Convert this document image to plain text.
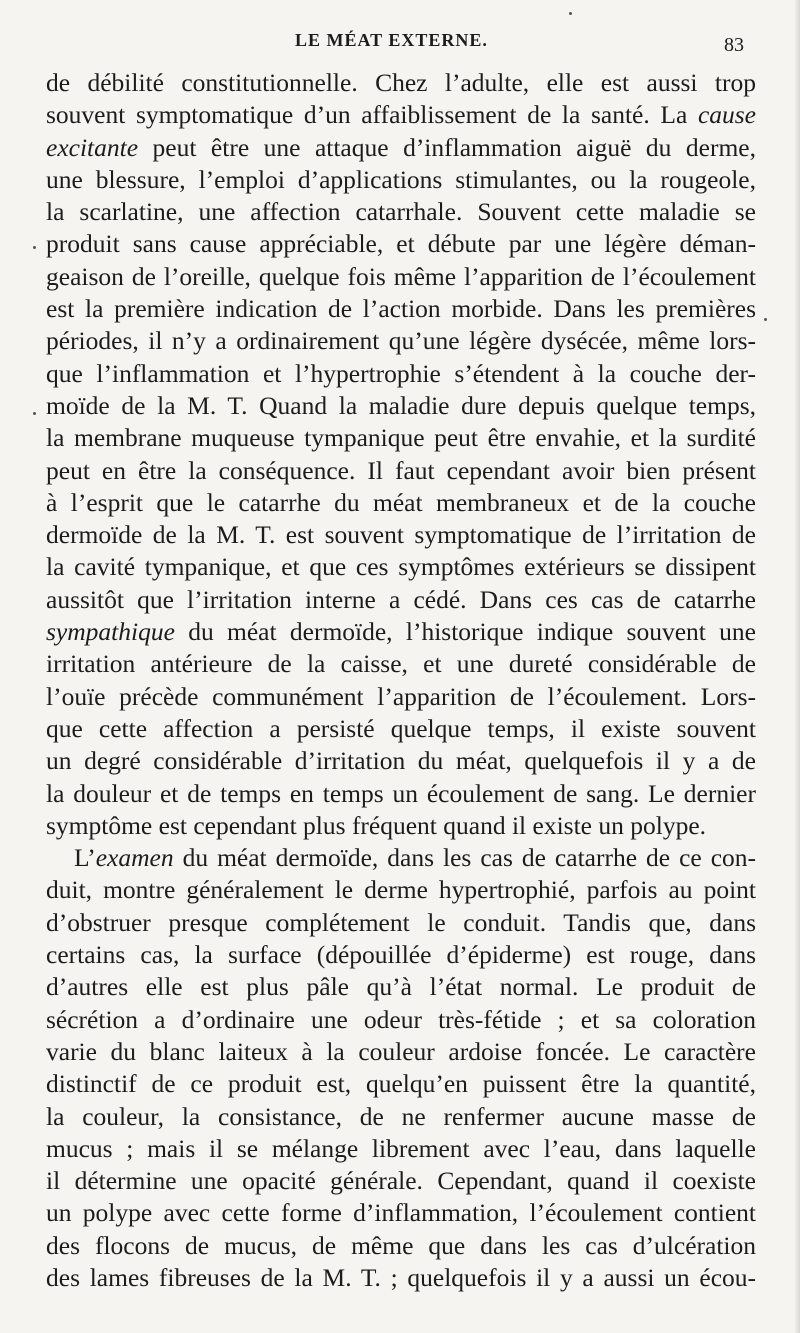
LE MÉAT EXTERNE.	83
de débilité constitutionnelle. Chez l’adulte, elle est aussi trop
souvent symptomatique d’un affaiblissement de la santé. La cause
excitante peut être une attaque d’inflammation aiguë du derme,
une blessure, l’emploi d’applications stimulantes, ou la rougeole,
la scarlatine, une affection catarrhale. Souvent cette maladie se
produit sans cause appréciable, et débute par une légère déman-
geaison de l’oreille, quelque fois même l’apparition de l’écoulement
est la première indication de l’action morbide. Dans les premières
périodes, il n’y a ordinairement qu’une légère dysécée, même lors-
que l’inflammation et l’hypertrophie s’étendent à la couche der-
moïde de la M. T. Quand la maladie dure depuis quelque temps,
la membrane muqueuse tympanique peut être envahie, et la surdité
peut en être la conséquence. Il faut cependant avoir bien présent
à l’esprit que le catarrhe du méat membraneux et de la couche
dermoïde de la M. T. est souvent symptomatique de l’irritation de
la cavité tympanique, et que ces symptômes extérieurs se dissipent
aussitôt que l’irritation interne a cédé. Dans ces cas de catarrhe
sympathique du méat dermoïde, l’historique indique souvent une
irritation antérieure de la caisse, et une dureté considérable de
l’ouïe précède communément l’apparition de l’écoulement. Lors-
que cette affection a persisté quelque temps, il existe souvent
un degré considérable d’irritation du méat, quelquefois il y a de
la douleur et de temps en temps un écoulement de sang. Le dernier
symptôme est cependant plus fréquent quand il existe un polype.
L’examen du méat dermoïde, dans les cas de catarrhe de ce con-
duit, montre généralement le derme hypertrophié, parfois au point
d’obstruer presque complétement le conduit. Tandis que, dans
certains cas, la surface (dépouillée d’épiderme) est rouge, dans
d’autres elle est plus pâle qu’à l’état normal. Le produit de
sécrétion a d’ordinaire une odeur très-fétide ; et sa coloration
varie du blanc laiteux à la couleur ardoise foncée. Le caractère
distinctif de ce produit est, quelqu’en puissent être la quantité,
la couleur, la consistance, de ne renfermer aucune masse de
mucus ; mais il se mélange librement avec l’eau, dans laquelle
il détermine une opacité générale. Cependant, quand il coexiste
un polype avec cette forme d’inflammation, l’écoulement contient
des flocons de mucus, de même que dans les cas d’ulcération
des lames fibreuses de la M. T. ; quelquefois il y a aussi un écou-
